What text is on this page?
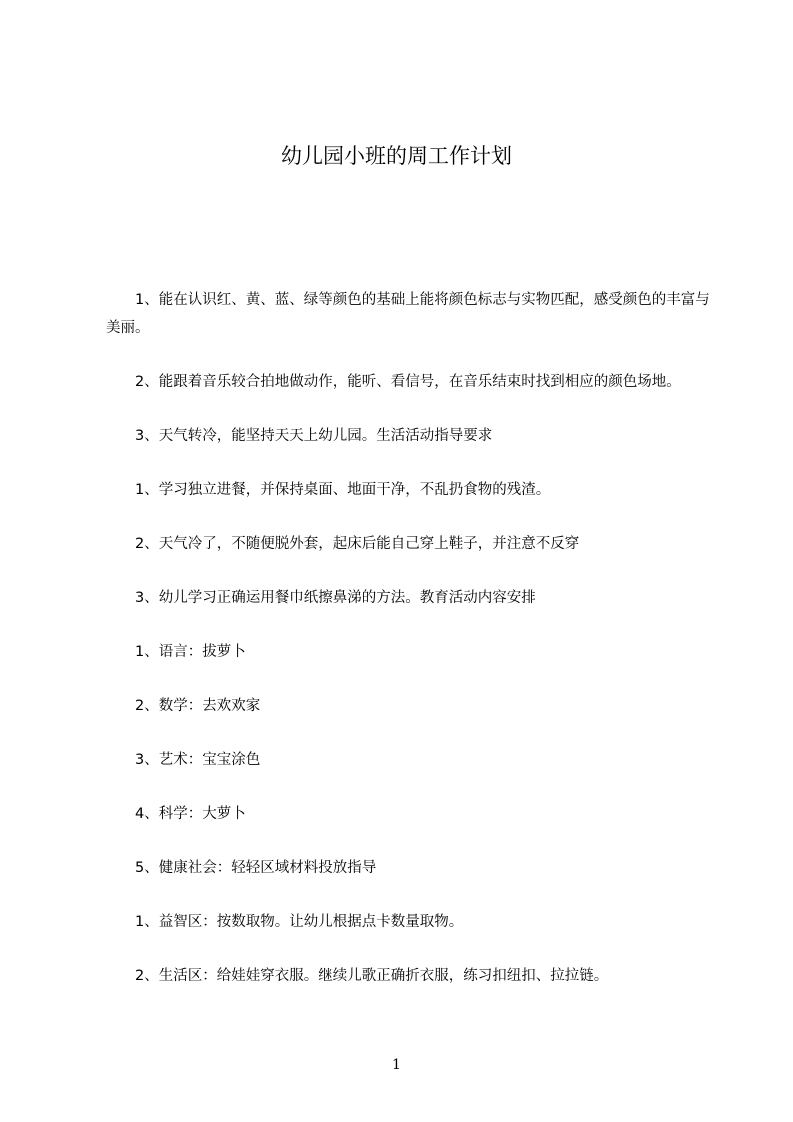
幼儿园小班的周工作计划

1、能在认识红、黄、蓝、绿等颜色的基础上能将颜色标志与实物匹配，感受颜色的丰富与美丽。

2、能跟着音乐较合拍地做动作，能听、看信号，在音乐结束时找到相应的颜色场地。

3、天气转冷，能坚持天天上幼儿园。生活活动指导要求

1、学习独立进餐，并保持桌面、地面干净，不乱扔食物的残渣。

2、天气冷了，不随便脱外套，起床后能自己穿上鞋子，并注意不反穿

3、幼儿学习正确运用餐巾纸擦鼻涕的方法。教育活动内容安排

1、语言：拔萝卜

2、数学：去欢欢家

3、艺术：宝宝涂色

4、科学：大萝卜

5、健康社会：轻轻区域材料投放指导

1、益智区：按数取物。让幼儿根据点卡数量取物。

2、生活区：给娃娃穿衣服。继续儿歌正确折衣服，练习扣纽扣、拉拉链。

1
